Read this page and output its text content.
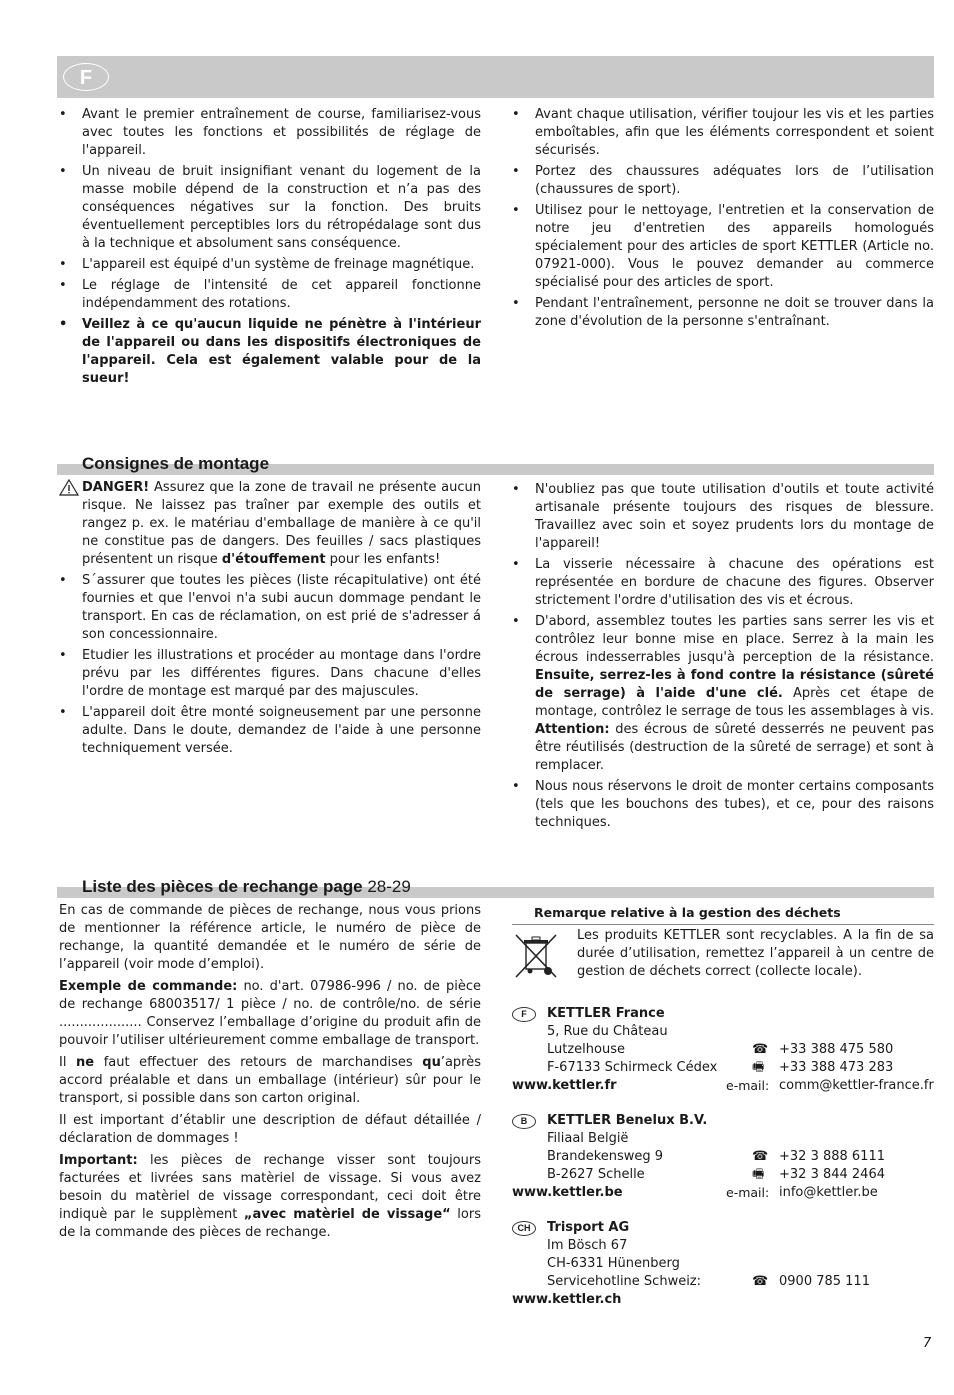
F
• Avant le premier entraînement de course, familiarisez-vous avec toutes les fonctions et possibilités de réglage de l'appareil.
• Un niveau de bruit insignifiant venant du logement de la masse mobile dépend de la construction et n’a pas des conséquences négatives sur la fonction. Des bruits éventuellement perceptibles lors du rétropédalage sont dus à la technique et absolument sans conséquence.
• L'appareil est équipé d'un système de freinage magnétique.
• Le réglage de l'intensité de cet appareil fonctionne indépendamment des rotations.
• Veillez à ce qu'aucun liquide ne pénètre à l'intérieur de l'appareil ou dans les dispositifs électroniques de l'appareil. Cela est également valable pour de la sueur!
• Avant chaque utilisation, vérifier toujour les vis et les parties emboîtables, afin que les éléments correspondent et soient sécurisés.
• Portez des chaussures adéquates lors de l’utilisation (chaussures de sport).
• Utilisez pour le nettoyage, l'entretien et la conservation de notre jeu d'entretien des appareils homologués spécialement pour des articles de sport KETTLER (Article no. 07921-000). Vous le pouvez demander au commerce spécialisé pour des articles de sport.
• Pendant l'entraînement, personne ne doit se trouver dans la zone d'évolution de la personne s'entraînant.
Consignes de montage
DANGER! Assurez que la zone de travail ne présente aucun risque. Ne laissez pas traîner par exemple des outils et rangez p. ex. le matériau d'emballage de manière à ce qu'il ne constitue pas de dangers. Des feuilles / sacs plastiques présentent un risque d'étouffement pour les enfants!
• S´assurer que toutes les pièces (liste récapitulative) ont été fournies et que l'envoi n'a subi aucun dommage pendant le transport. En cas de réclamation, on est prié de s'adresser á son concessionnaire.
• Etudier les illustrations et procéder au montage dans l'ordre prévu par les différentes figures. Dans chacune d'elles l'ordre de montage est marqué par des majuscules.
• L'appareil doit être monté soigneusement par une personne adulte. Dans le doute, demandez de l'aide à une personne techniquement versée.
• N'oubliez pas que toute utilisation d'outils et toute activité artisanale présente toujours des risques de blessure. Travaillez avec soin et soyez prudents lors du montage de l'appareil!
• La visserie nécessaire à chacune des opérations est représentée en bordure de chacune des figures. Observer strictement l'ordre d'utilisation des vis et écrous.
• D'abord, assemblez toutes les parties sans serrer les vis et contrôlez leur bonne mise en place. Serrez à la main les écrous indesserrables jusqu'à perception de la résistance. Ensuite, serrez-les à fond contre la résistance (sûreté de serrage) à l'aide d'une clé. Après cet étape de montage, contrôlez le serrage de tous les assemblages à vis. Attention: des écrous de sûreté desserrés ne peuvent pas être réutilisés (destruction de la sûreté de serrage) et sont à remplacer.
• Nous nous réservons le droit de monter certains composants (tels que les bouchons des tubes), et ce, pour des raisons techniques.
Liste des pièces de rechange page 28-29

En cas de commande de pièces de rechange, nous vous prions de mentionner la référence article, le numéro de pièce de rechange, la quantité demandée et le numéro de série de l’appareil (voir mode d’emploi).

Exemple de commande: no. d'art. 07986-996 / no. de pièce de rechange 68003517/ 1 pièce / no. de contrôle/no. de série .................... Conservez l’emballage d’origine du produit afin de pouvoir l’utiliser ultérieurement comme emballage de transport.

Il ne faut effectuer des retours de marchandises qu’après accord préalable et dans un emballage (intérieur) sûr pour le transport, si possible dans son carton original.

Il est important d’établir une description de défaut détaillée / déclaration de dommages !

Important: les pièces de rechange visser sont toujours facturées et livrées sans matèriel de vissage. Si vous avez besoin du matèriel de vissage correspondant, ceci doit être indiquè par le supplèment „avec matèriel de vissage“ lors de la commande des pièces de rechange.

Remarque relative à la gestion des déchets
Les produits KETTLER sont recyclables. A la fin de sa durée d’utilisation, remettez l’appareil à un centre de gestion de déchets correct (collecte locale).
F	KETTLER France
5, Rue du Château
Lutzelhouse	☎ +33 388 475 580
F-67133 Schirmeck Cédex	🖷	+33 388 473 283
www.kettler.fr	e-mail: comm@kettler-france.fr
B	KETTLER Benelux B.V.
Filiaal België
Brandekensweg 9	☎ +32 3 888 6111
B-2627 Schelle	🖷	+32 3 844 2464
www.kettler.be	e-mail: info@kettler.be
CH	Trisport AG
Im Bösch 67
CH-6331 Hünenberg
Servicehotline Schweiz:	☎ 0900 785 111
www.kettler.ch
7
